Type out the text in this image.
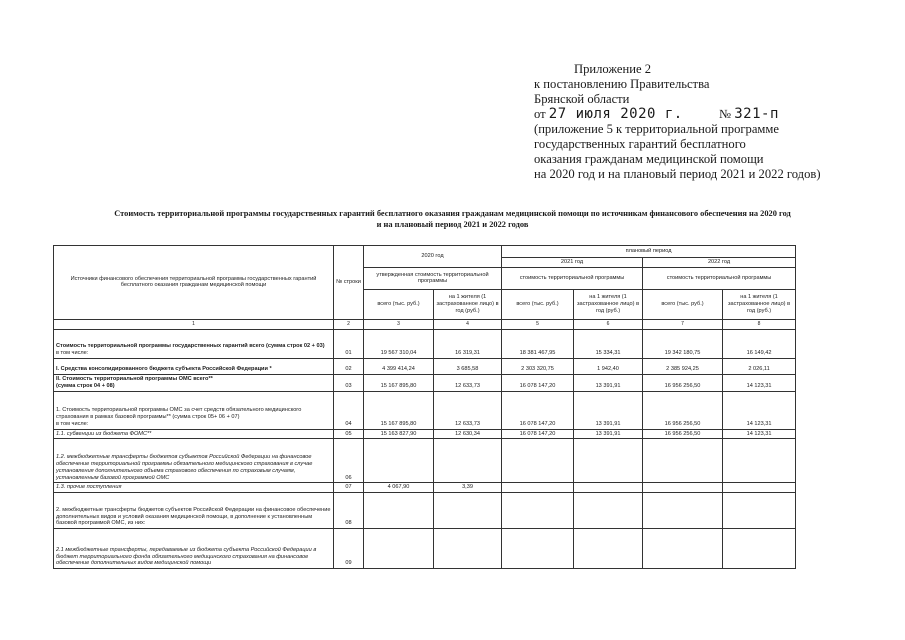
Приложение 2
к постановлению Правительства
Брянской области
от 27 июля 2020 г.	№ 321-п
(приложение 5 к территориальной программе
государственных гарантий бесплатного
оказания гражданам медицинской помощи
на 2020 год и на плановый период 2021 и 2022 годов)
Стоимость территориальной программы государственных гарантий бесплатного оказания гражданам медицинской помощи по источникам финансового обеспечения на 2020 год
и на плановый период 2021 и 2022 годов
Источники финансового обеспечения территориальной программы государственных гарантий бесплатного оказания гражданам медицинской помощи	№ строки	2020 год		плановый период			
				2021 год		2022 год	
		утвержденная стоимость территориальной программы		стоимость территориальной программы		стоимость территориальной программы	
		всего (тыс. руб.)	на 1 жителя (1 застрахованное лицо) в год (руб.)	всего (тыс. руб.)	на 1 жителя (1 застрахованное лицо) в год (руб.)	всего (тыс. руб.)	на 1 жителя (1 застрахованное лицо) в год (руб.)
1	2	3	4	5	6	7	8

Стоимость территориальной программы государственных гарантий всего (сумма строк 02 + 03)
в том числе:	01	19 567 310,04	16 319,31	18 381 467,95	15 334,31	19 342 180,75	16 149,42
I. Средства консолидированного бюджета субъекта Российской Федерации *	02	4 399 414,24	3 685,58	2 303 320,75	1 942,40	2 385 924,25	2 026,11

II. Стоимость территориальной программы ОМС всего**
(сумма строк 04 + 08)	03	15 167 895,80	12 633,73	16 078 147,20	13 391,91	16 956 256,50	14 123,31

1. Стоимость территориальной программы ОМС за счет средств обязательного медицинского страхования в рамках базовой программы** (сумма строк 05+ 06 + 07)
в том числе:	04	15 167 895,80	12 633,73	16 078 147,20	13 391,91	16 956 256,50	14 123,31
1.1. субвенции из бюджета ФОМС**	05	15 163 827,90	12 630,34	16 078 147,20	13 391,91	16 956 256,50	14 123,31
1.2. межбюджетные трансферты бюджетов субъектов Российской Федерации на финансовое обеспечение территориальной программы обязательного медицинского страхования в случае установления дополнительного объема страхового обеспечения по страховым случаям, установленным базовой программой ОМС	06						
1.3. прочие поступления	07	4 067,90	3,39				
2. межбюджетные трансферты бюджетов субъектов Российской Федерации на финансовое обеспечение дополнительных видов и условий оказания медицинской помощи, в дополнение к установленным базовой программой ОМС, из них:	08						
2.1 межбюджетные трансферты, передаваемые из бюджета субъекта Российской Федерации в бюджет территориального фонда обязательного медицинского страхования на финансовое обеспечение дополнительных видов медицинской помощи	09						
